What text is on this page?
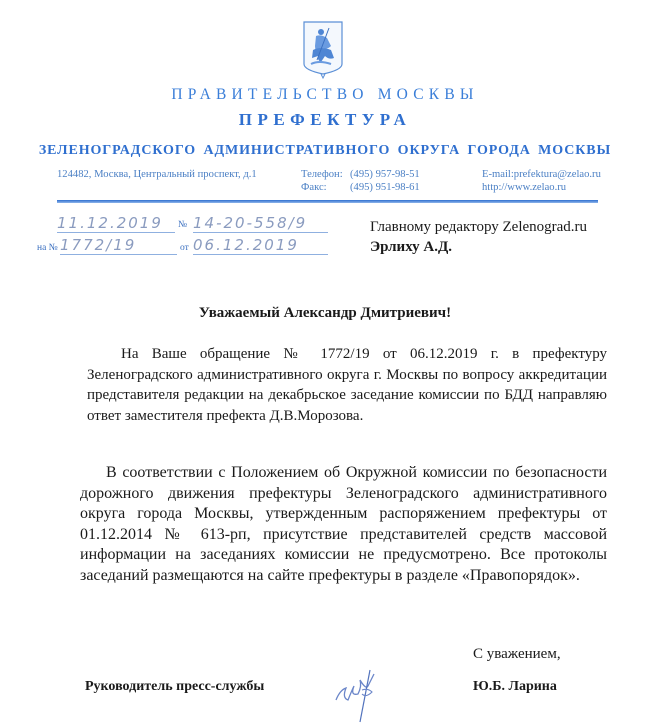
ПРАВИТЕЛЬСТВО МОСКВЫ
ПРЕФЕКТУРА
ЗЕЛЕНОГРАДСКОГО АДМИНИСТРАТИВНОГО ОКРУГА ГОРОДА МОСКВЫ
124482, Москва, Центральный проспект, д.1	Телефон: (495) 957-98-51
Факс: (495) 951-98-61
E-mail:prefektura@zelao.ru
http://www.zelao.ru
11.12.2019	№ 14-20-558/9
на № 1772/19	от 06.12.2019
Главному редактору Zelenograd.ru
Эрлиху А.Д.
Уважаемый Александр Дмитриевич!
На Ваше обращение № 1772/19 от 06.12.2019 г. в префектуру Зеленоградского административного округа г. Москвы по вопросу аккредитации представителя редакции на декабрьское заседание комиссии по БДД направляю ответ заместителя префекта Д.В.Морозова.
В соответствии с Положением об Окружной комиссии по безопасности дорожного движения префектуры Зеленоградского административного округа города Москвы, утвержденным распоряжением префектуры от 01.12.2014 № 613-рп, присутствие представителей средств массовой информации на заседаниях комиссии не предусмотрено. Все протоколы заседаний размещаются на сайте префектуры в разделе «Правопорядок».
С уважением,
Руководитель пресс-службы	Ю.Б. Ларина
